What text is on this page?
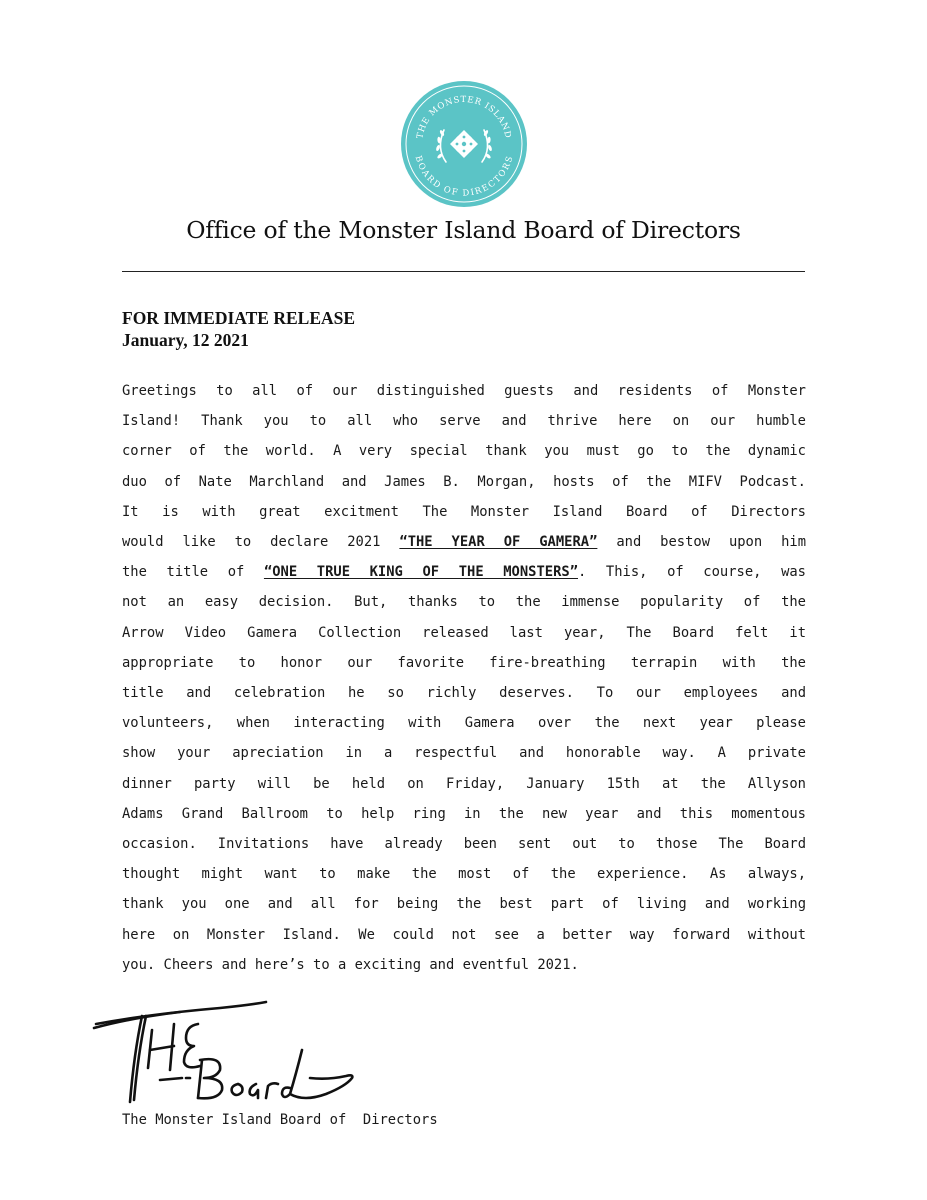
THE MONSTER ISLAND
BOARD OF DIRECTORS
Office of the Monster Island Board of Directors
FOR IMMEDIATE RELEASE
January, 12 2021
Greetings to all of our distinguished guests and residents of Monster
Island! Thank you to all who serve and thrive here on our humble
corner of the world. A very special thank you must go to the dynamic
duo of Nate Marchland and James B. Morgan, hosts of the MIFV Podcast.
It is with great excitment The Monster Island Board of Directors
would like to declare 2021 “THE YEAR OF GAMERA” and bestow upon him
the title of “ONE TRUE KING OF THE MONSTERS”. This, of course, was
not an easy decision. But, thanks to the immense popularity of the
Arrow Video Gamera Collection released last year, The Board felt it
appropriate to honor our favorite fire-breathing terrapin with the
title and celebration he so richly deserves. To our employees and
volunteers, when interacting with Gamera over the next year please
show your apreciation in a respectful and honorable way. A private
dinner party will be held on Friday, January 15th at the Allyson
Adams Grand Ballroom to help ring in the new year and this momentous
occasion. Invitations have already been sent out to those The Board
thought might want to make the most of the experience. As always,
thank you one and all for being the best part of living and working
here on Monster Island. We could not see a better way forward without
you. Cheers and here’s to a exciting and eventful 2021.
The Monster Island Board of  Directors
